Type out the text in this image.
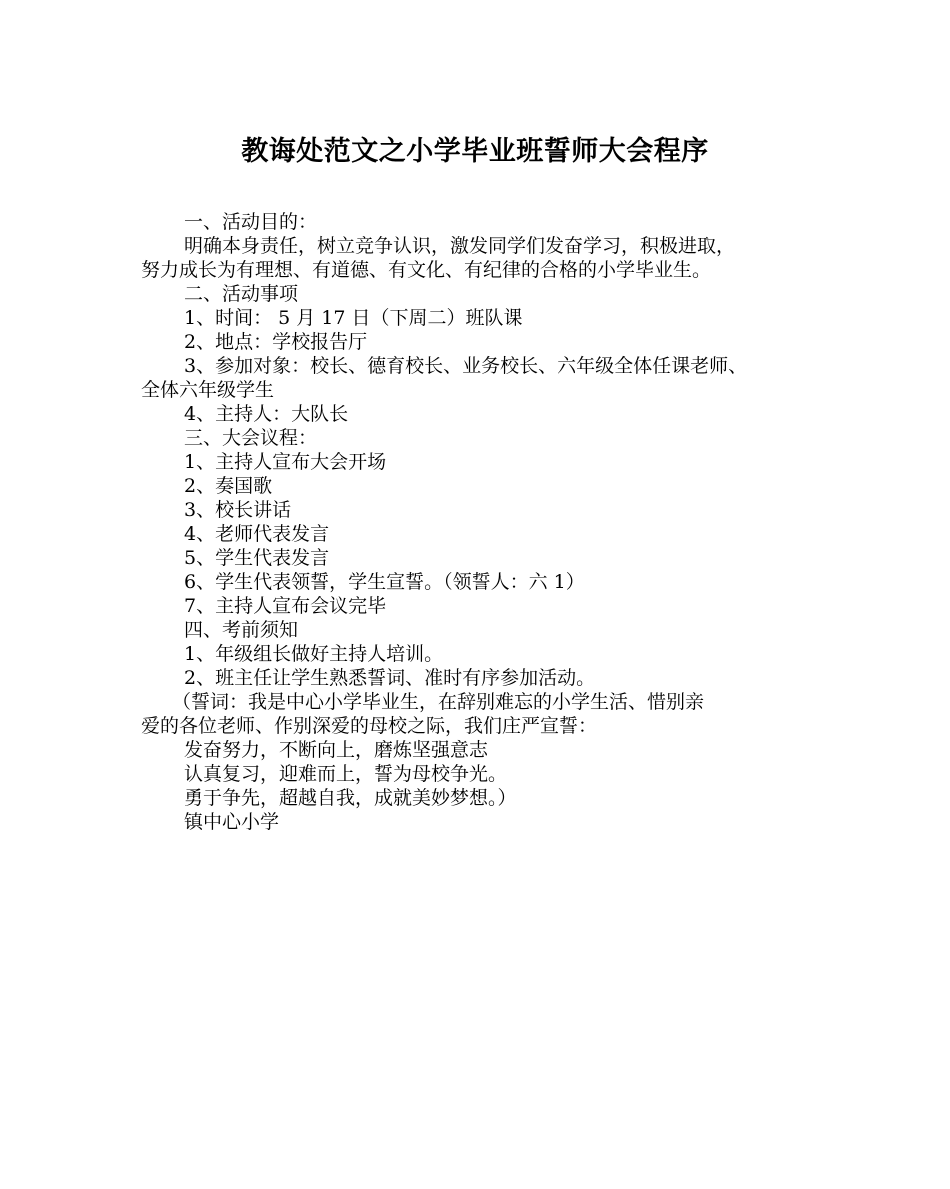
教诲处范文之小学毕业班誓师大会程序
一、活动目的：
明确本身责任，树立竞争认识，激发同学们发奋学习，积极进取，
努力成长为有理想、有道德、有文化、有纪律的合格的小学毕业生。
二、活动事项
1、时间： 5 月 17 日（下周二）班队课
2、地点：学校报告厅
3、参加对象：校长、德育校长、业务校长、六年级全体任课老师、
全体六年级学生
4、主持人：大队长
三、大会议程：
1、主持人宣布大会开场
2、奏国歌
3、校长讲话
4、老师代表发言
5、学生代表发言
6、学生代表领誓，学生宣誓。（领誓人：六 1）
7、主持人宣布会议完毕
四、考前须知
1、年级组长做好主持人培训。
2、班主任让学生熟悉誓词、准时有序参加活动。
（誓词：我是中心小学毕业生，在辞别难忘的小学生活、惜别亲
爱的各位老师、作别深爱的母校之际，我们庄严宣誓：
发奋努力，不断向上，磨炼坚强意志
认真复习，迎难而上，誓为母校争光。
勇于争先，超越自我，成就美妙梦想。）
镇中心小学
